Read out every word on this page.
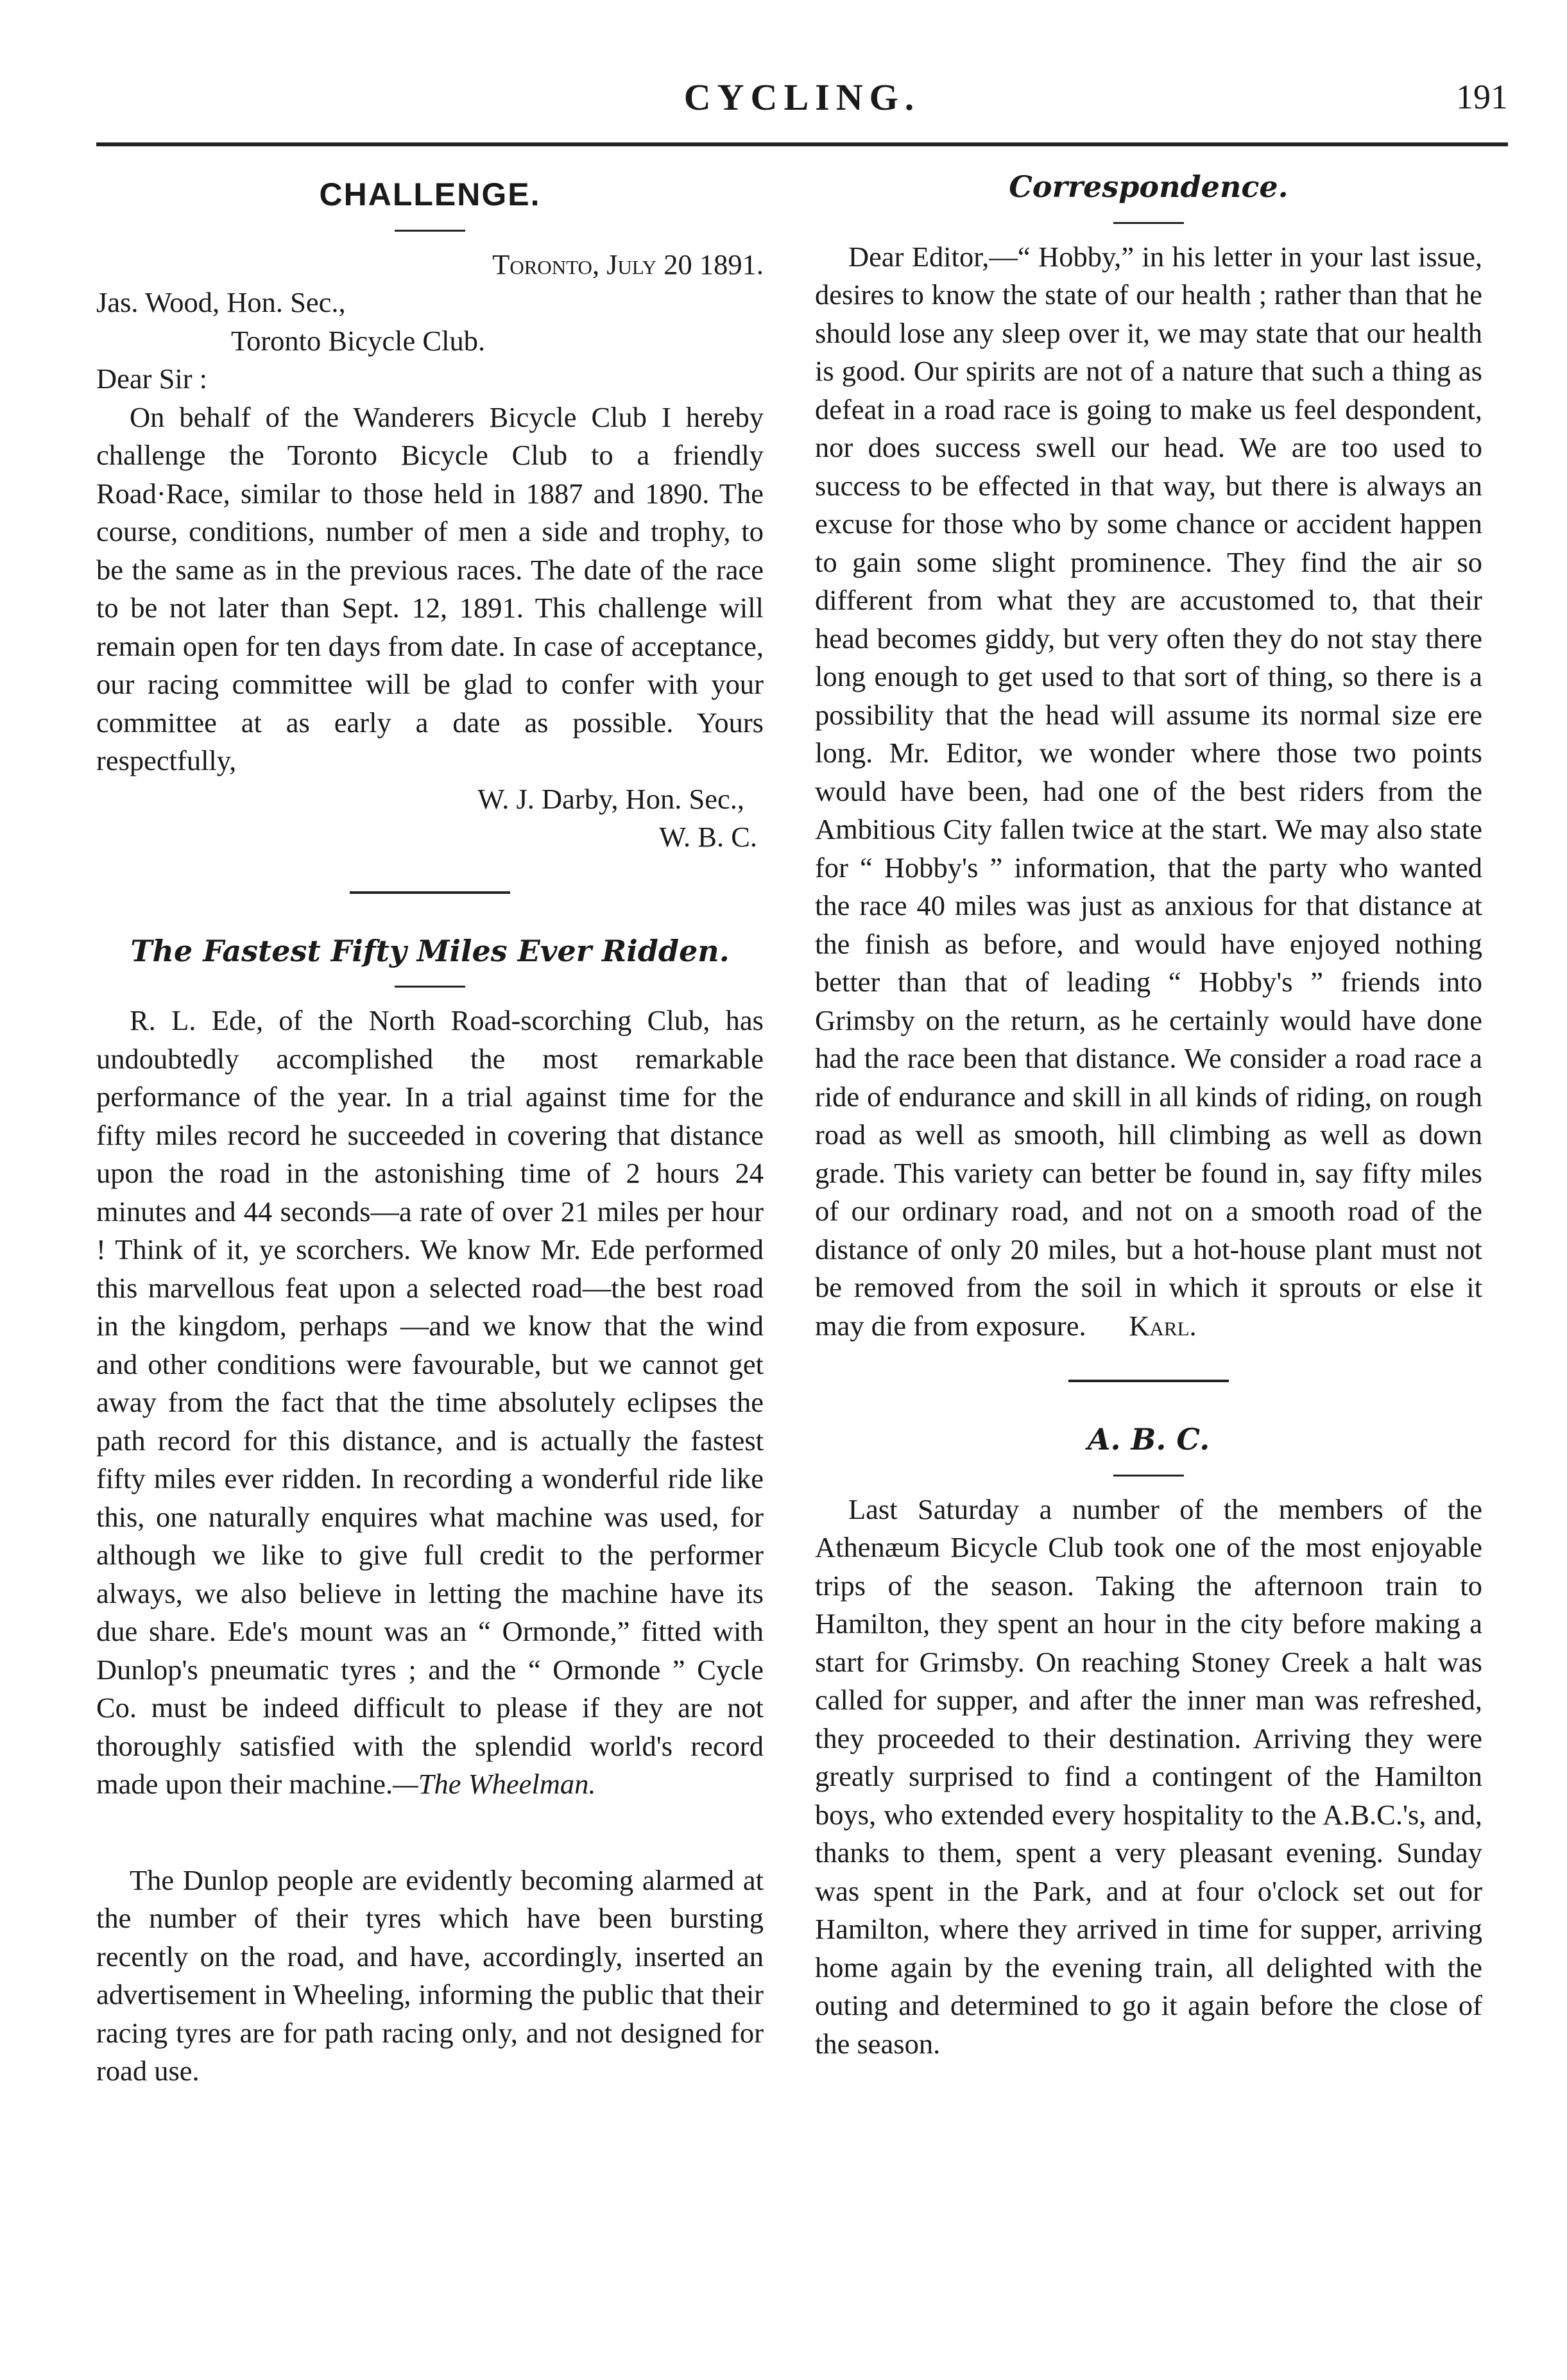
CYCLING.	191
CHALLENGE.

Toronto, July 20 1891.

Jas. Wood, Hon. Sec.,

Toronto Bicycle Club.

Dear Sir :

On behalf of the Wanderers Bicycle Club I hereby challenge the Toronto Bicycle Club to a friendly Road·Race, similar to those held in 1887 and 1890. The course, conditions, number of men a side and trophy, to be the same as in the previous races. The date of the race to be not later than Sept. 12, 1891. This challenge will remain open for ten days from date. In case of acceptance, our racing committee will be glad to confer with your committee at as early a date as possible. Yours respectfully,

W. J. Darby, Hon. Sec.,

W. B. C.

The Fastest Fifty Miles Ever Ridden.

R. L. Ede, of the North Road-scorching Club, has undoubtedly accomplished the most remarkable performance of the year. In a trial against time for the fifty miles record he succeeded in covering that distance upon the road in the astonishing time of 2 hours 24 minutes and 44 seconds—a rate of over 21 miles per hour ! Think of it, ye scorchers. We know Mr. Ede performed this marvellous feat upon a selected road—the best road in the kingdom, perhaps —and we know that the wind and other conditions were favourable, but we cannot get away from the fact that the time absolutely eclipses the path record for this distance, and is actually the fastest fifty miles ever ridden. In recording a wonderful ride like this, one naturally enquires what machine was used, for although we like to give full credit to the performer always, we also believe in letting the machine have its due share. Ede's mount was an “ Ormonde,” fitted with Dunlop's pneumatic tyres ; and the “ Ormonde ” Cycle Co. must be indeed difficult to please if they are not thoroughly satisfied with the splendid world's record made upon their machine.—The Wheelman.

The Dunlop people are evidently becoming alarmed at the number of their tyres which have been bursting recently on the road, and have, accordingly, inserted an advertisement in Wheeling, informing the public that their racing tyres are for path racing only, and not designed for road use.

Correspondence.

Dear Editor,—“ Hobby,” in his letter in your last issue, desires to know the state of our health ; rather than that he should lose any sleep over it, we may state that our health is good. Our spirits are not of a nature that such a thing as defeat in a road race is going to make us feel despondent, nor does success swell our head. We are too used to success to be effected in that way, but there is always an excuse for those who by some chance or accident happen to gain some slight prominence. They find the air so different from what they are accustomed to, that their head becomes giddy, but very often they do not stay there long enough to get used to that sort of thing, so there is a possibility that the head will assume its normal size ere long. Mr. Editor, we wonder where those two points would have been, had one of the best riders from the Ambitious City fallen twice at the start. We may also state for “ Hobby's ” information, that the party who wanted the race 40 miles was just as anxious for that distance at the finish as before, and would have enjoyed nothing better than that of leading “ Hobby's ” friends into Grimsby on the return, as he certainly would have done had the race been that distance. We consider a road race a ride of endurance and skill in all kinds of riding, on rough road as well as smooth, hill climbing as well as down grade. This variety can better be found in, say fifty miles of our ordinary road, and not on a smooth road of the distance of only 20 miles, but a hot-house plant must not be removed from the soil in which it sprouts or else it may die from exposure. Karl.

A. B. C.

Last Saturday a number of the members of the Athenæum Bicycle Club took one of the most enjoyable trips of the season. Taking the afternoon train to Hamilton, they spent an hour in the city before making a start for Grimsby. On reaching Stoney Creek a halt was called for supper, and after the inner man was refreshed, they proceeded to their destination. Arriving they were greatly surprised to find a contingent of the Hamilton boys, who extended every hospitality to the A.B.C.'s, and, thanks to them, spent a very pleasant evening. Sunday was spent in the Park, and at four o'clock set out for Hamilton, where they arrived in time for supper, arriving home again by the evening train, all delighted with the outing and determined to go it again before the close of the season.
